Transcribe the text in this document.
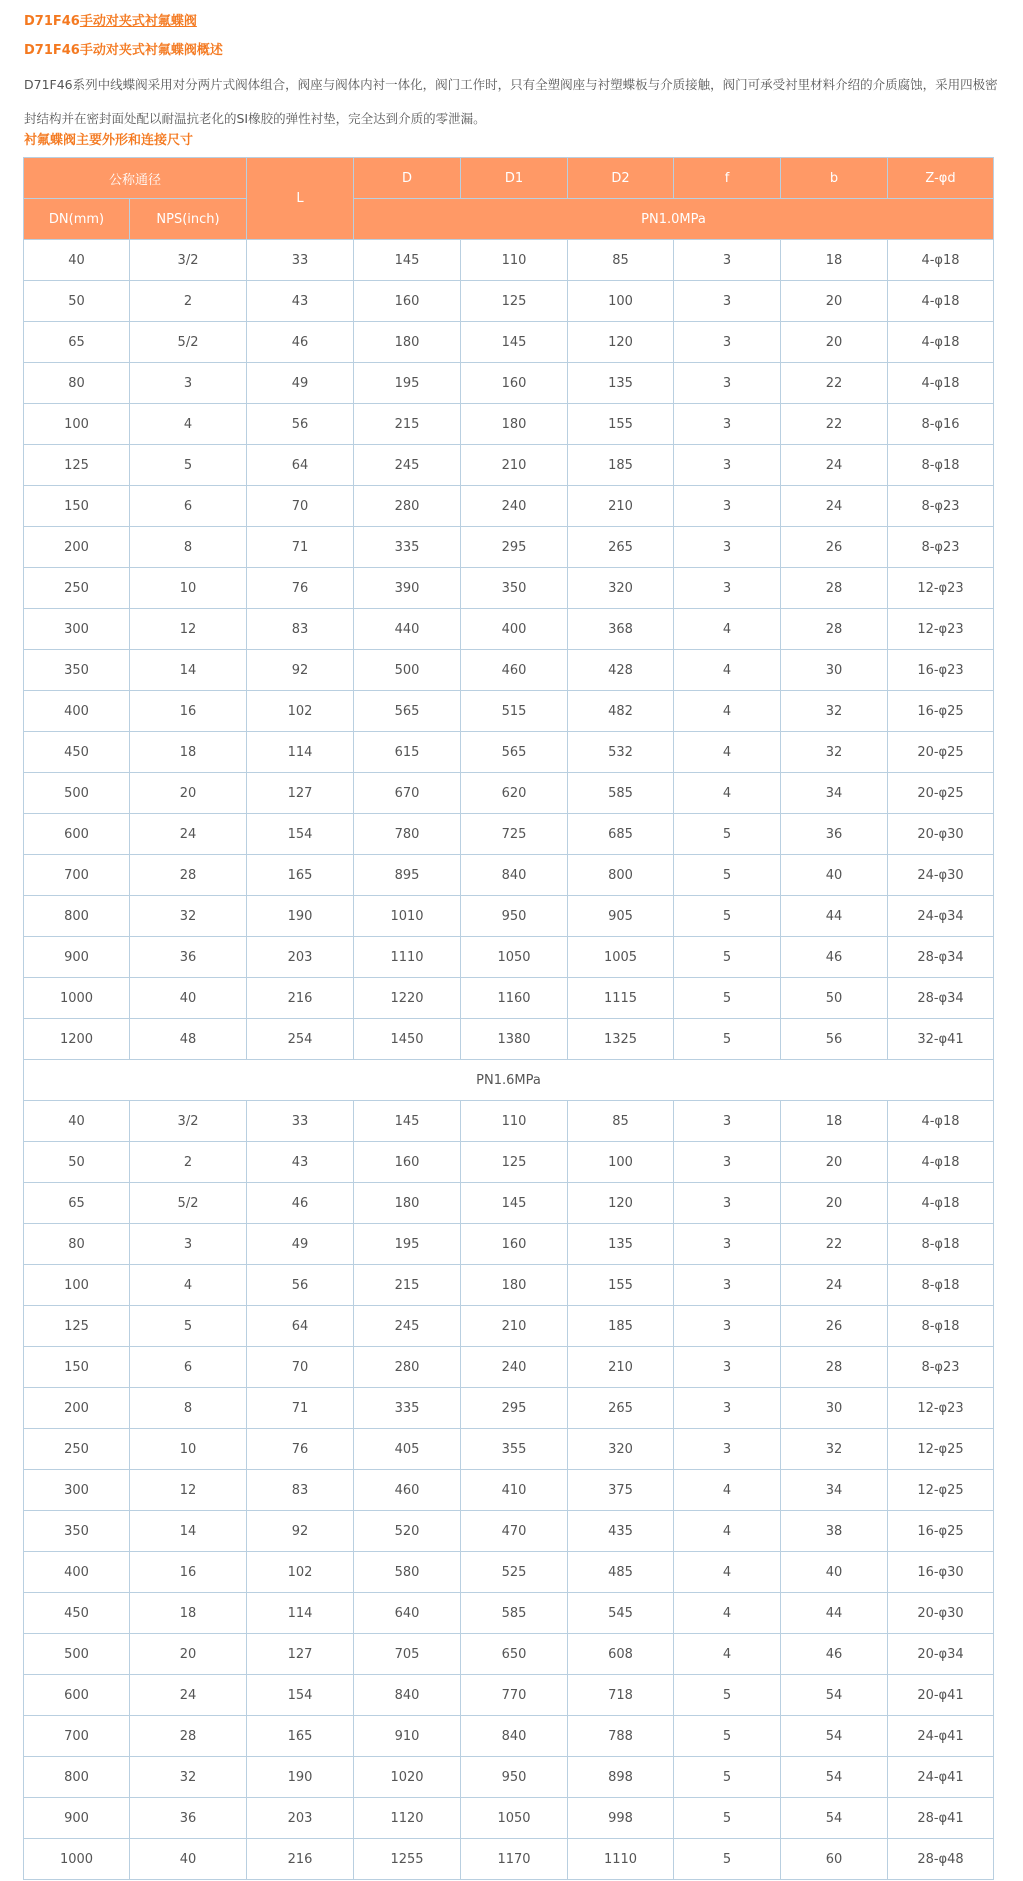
D71F46手动对夹式衬氟蝶阀
D71F46手动对夹式衬氟蝶阀概述
D71F46系列中线蝶阀采用对分两片式阀体组合，阀座与阀体内衬一体化，阀门工作时，只有全塑阀座与衬塑蝶板与介质接触，阀门可承受衬里材料介绍的介质腐蚀，采用四极密封结构并在密封面处配以耐温抗老化的SI橡胶的弹性衬垫，完全达到介质的零泄漏。
衬氟蝶阀主要外形和连接尺寸
公称通径		L	D	D1	D2	f	b	Z-φd
DN(mm)	NPS(inch)		PN1.0MPa					
40	3/2	33	145	110	85	3	18	4-φ18
50	2	43	160	125	100	3	20	4-φ18
65	5/2	46	180	145	120	3	20	4-φ18
80	3	49	195	160	135	3	22	4-φ18
100	4	56	215	180	155	3	22	8-φ16
125	5	64	245	210	185	3	24	8-φ18
150	6	70	280	240	210	3	24	8-φ23
200	8	71	335	295	265	3	26	8-φ23
250	10	76	390	350	320	3	28	12-φ23
300	12	83	440	400	368	4	28	12-φ23
350	14	92	500	460	428	4	30	16-φ23
400	16	102	565	515	482	4	32	16-φ25
450	18	114	615	565	532	4	32	20-φ25
500	20	127	670	620	585	4	34	20-φ25
600	24	154	780	725	685	5	36	20-φ30
700	28	165	895	840	800	5	40	24-φ30
800	32	190	1010	950	905	5	44	24-φ34
900	36	203	1110	1050	1005	5	46	28-φ34
1000	40	216	1220	1160	1115	5	50	28-φ34
1200	48	254	1450	1380	1325	5	56	32-φ41
PN1.6MPa								
40	3/2	33	145	110	85	3	18	4-φ18
50	2	43	160	125	100	3	20	4-φ18
65	5/2	46	180	145	120	3	20	4-φ18
80	3	49	195	160	135	3	22	8-φ18
100	4	56	215	180	155	3	24	8-φ18
125	5	64	245	210	185	3	26	8-φ18
150	6	70	280	240	210	3	28	8-φ23
200	8	71	335	295	265	3	30	12-φ23
250	10	76	405	355	320	3	32	12-φ25
300	12	83	460	410	375	4	34	12-φ25
350	14	92	520	470	435	4	38	16-φ25
400	16	102	580	525	485	4	40	16-φ30
450	18	114	640	585	545	4	44	20-φ30
500	20	127	705	650	608	4	46	20-φ34
600	24	154	840	770	718	5	54	20-φ41
700	28	165	910	840	788	5	54	24-φ41
800	32	190	1020	950	898	5	54	24-φ41
900	36	203	1120	1050	998	5	54	28-φ41
1000	40	216	1255	1170	1110	5	60	28-φ48
